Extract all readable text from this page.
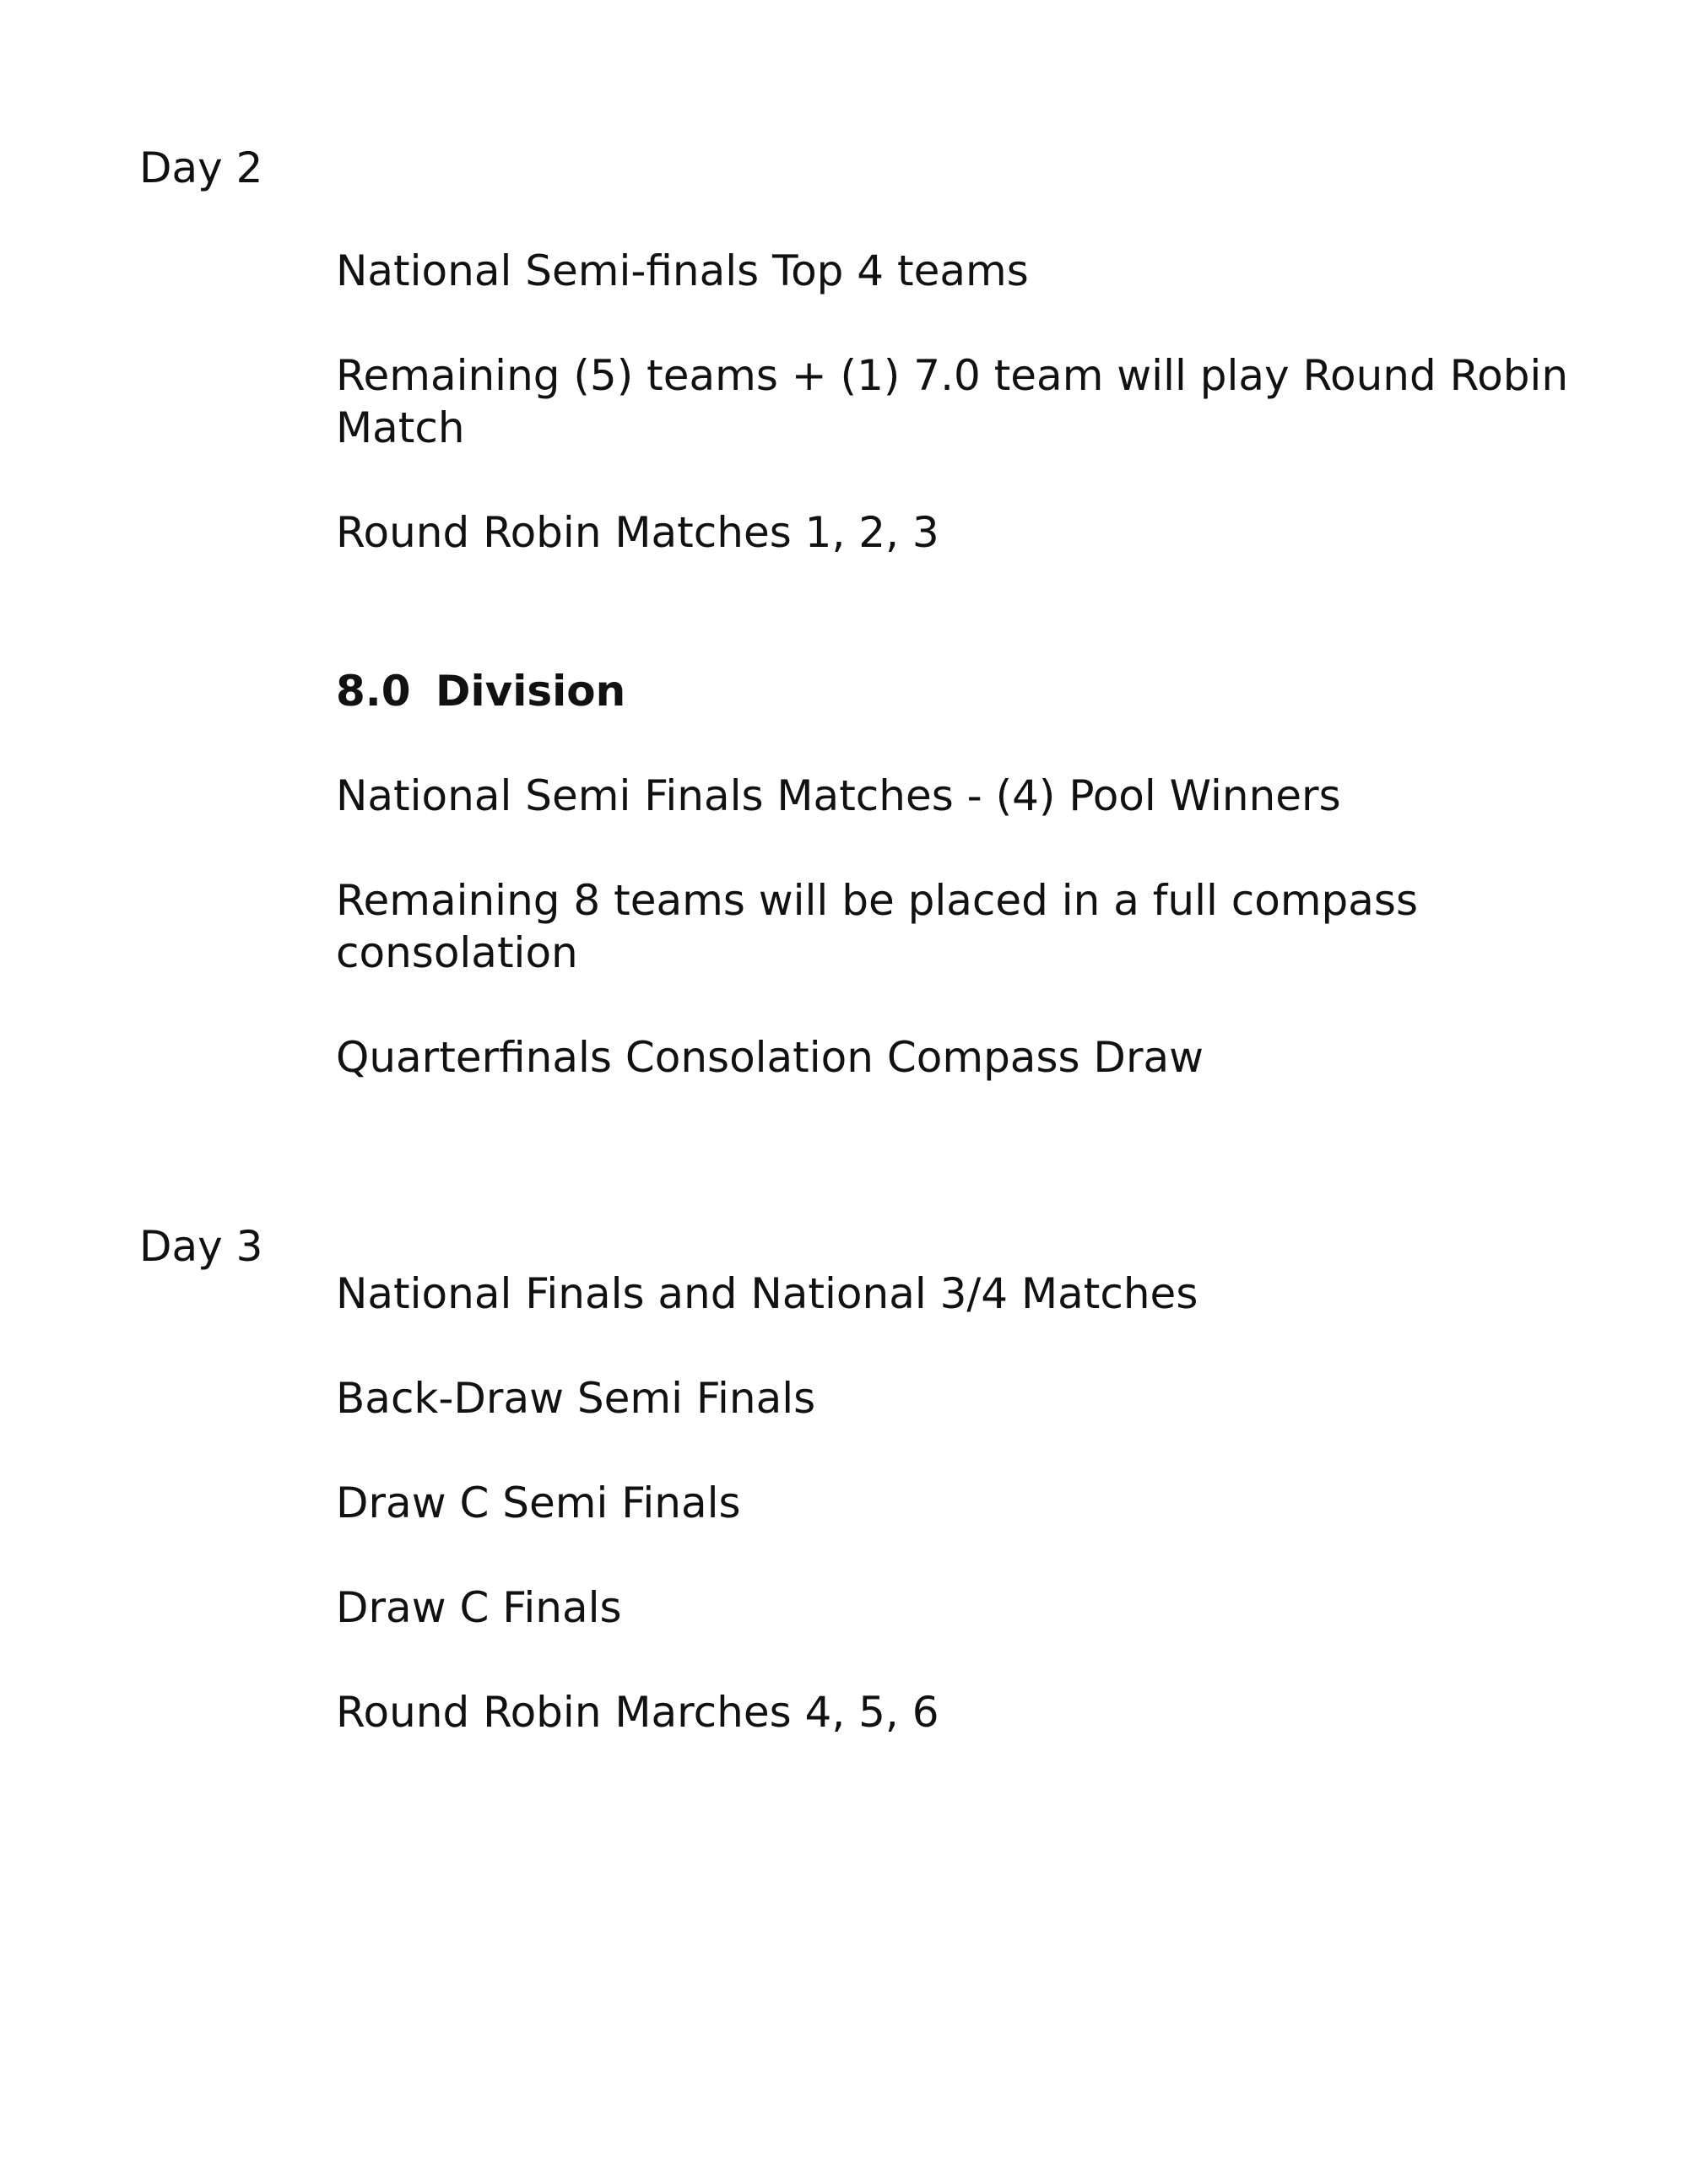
Day 2
National Semi-finals Top 4 teams
Remaining (5) teams + (1) 7.0 team will play Round Robin Match
Round Robin Matches 1, 2, 3
8.0 Division
National Semi Finals Matches - (4) Pool Winners
Remaining 8 teams will be placed in a full compass consolation
Quarterfinals Consolation Compass Draw
Day 3
National Finals and National 3/4 Matches
Back-Draw Semi Finals
Draw C Semi Finals
Draw C Finals
Round Robin Marches 4, 5, 6
